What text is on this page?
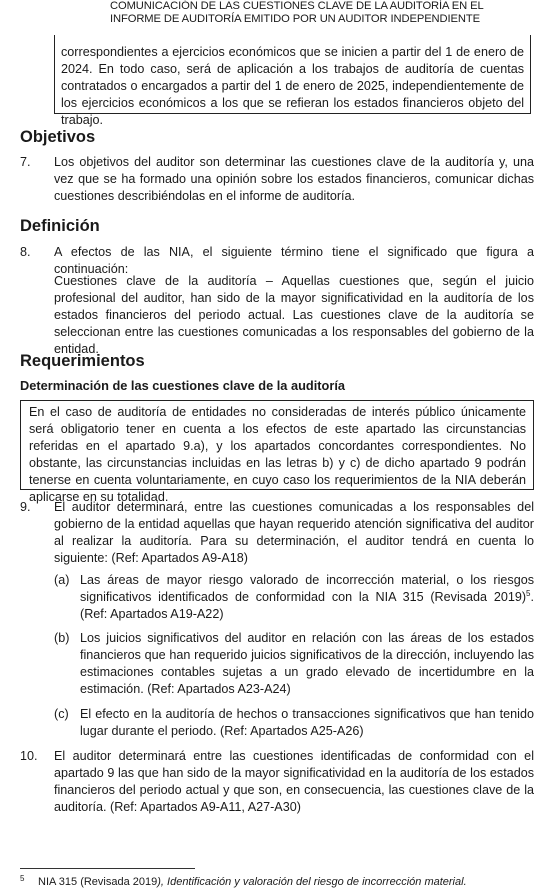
COMUNICACIÓN DE LAS CUESTIONES CLAVE DE LA AUDITORÍA EN EL
INFORME DE AUDITORÍA EMITIDO POR UN AUDITOR INDEPENDIENTE
correspondientes a ejercicios económicos que se inicien a partir del 1 de enero de 2024. En todo caso, será de aplicación a los trabajos de auditoría de cuentas contratados o encargados a partir del 1 de enero de 2025, independientemente de los ejercicios económicos a los que se refieran los estados financieros objeto del trabajo.
Objetivos
7. Los objetivos del auditor son determinar las cuestiones clave de la auditoría y, una vez que se ha formado una opinión sobre los estados financieros, comunicar dichas cuestiones describiéndolas en el informe de auditoría.

Definición
8. A efectos de las NIA, el siguiente término tiene el significado que figura a continuación:

Cuestiones clave de la auditoría – Aquellas cuestiones que, según el juicio profesional del auditor, han sido de la mayor significatividad en la auditoría de los estados financieros del periodo actual. Las cuestiones clave de la auditoría se seleccionan entre las cuestiones comunicadas a los responsables del gobierno de la entidad.

Requerimientos
Determinación de las cuestiones clave de la auditoría
En el caso de auditoría de entidades no consideradas de interés público únicamente será obligatorio tener en cuenta a los efectos de este apartado las circunstancias referidas en el apartado 9.a), y los apartados concordantes correspondientes. No obstante, las circunstancias incluidas en las letras b) y c) de dicho apartado 9 podrán tenerse en cuenta voluntariamente, en cuyo caso los requerimientos de la NIA deberán aplicarse en su totalidad.
9. El auditor determinará, entre las cuestiones comunicadas a los responsables del gobierno de la entidad aquellas que hayan requerido atención significativa del auditor al realizar la auditoría. Para su determinación, el auditor tendrá en cuenta lo siguiente: (Ref: Apartados A9-A18)

(a) Las áreas de mayor riesgo valorado de incorrección material, o los riesgos significativos identificados de conformidad con la NIA 315 (Revisada 2019)$^5$. (Ref: Apartados A19-A22)

(b) Los juicios significativos del auditor en relación con las áreas de los estados financieros que han requerido juicios significativos de la dirección, incluyendo las estimaciones contables sujetas a un grado elevado de incertidumbre en la estimación. (Ref: Apartados A23-A24)

(c) El efecto en la auditoría de hechos o transacciones significativos que han tenido lugar durante el periodo. (Ref: Apartados A25-A26)

10. El auditor determinará entre las cuestiones identificadas de conformidad con el apartado 9 las que han sido de la mayor significatividad en la auditoría de los estados financieros del periodo actual y que son, en consecuencia, las cuestiones clave de la auditoría. (Ref: Apartados A9-A11, A27-A30)

5 NIA 315 (Revisada 2019), Identificación y valoración del riesgo de incorrección material.
